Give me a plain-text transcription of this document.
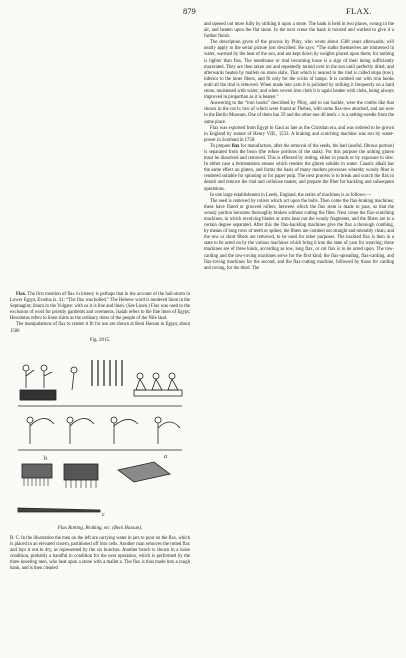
879	FLAX.

Flax. The first mention of flax in history is perhaps that in the account of the hail-storm in Lower Egypt, Exodus ix. 31: “The flax was bolled.” The Hebrew word is rendered linon in the Septuagint; linum in the Vulgate: with us it is line and linen. (See Linen.) Flax was used to the exclusion of wool for priestly garments and cerements. Isaiah refers to the fine linen of Egypt; Herodotus refers to linen shirts as the ordinary dress of the people of the Nile land.

The manipulations of flax to render it fit for use are shown at Beni Hassan in Egypt, about 1500

Fig. 2015.
b	a
c
Flax Rotting, Braking, etc. (Beni Hassan).

B. C. In the illustration the men on the left are carrying water in jars to pour on the flax, which is placed in an elevated cistern, partitioned off into cells. Another man removes the rotted flax and lays it out to dry, as represented by the six bunches. Another bench is shown in a loose condition, probably a handful in condition for the next operation, which is performed by the three kneeling men, who beat upon a stone with a mallet a. The flax is thus made into a rough hank, and is then cleaned

and opened out more fully by striking it upon a stone. The hank is held in two places, swung in the air, and beaten upon the flat stone. In the next scene the hank is twisted and worked to give it a further finish.

The description given of the process by Pliny, who wrote about 1500 years afterwards, will nearly apply to the serial picture just described. He says: “The stalks themselves are immersed in water, warmed by the heat of the sun, and are kept down by weights placed upon them; for nothing is lighter than flax. The membrane or rind becoming loose is a sign of their being sufficiently macerated. They are then taken out and repeatedly turned over in the sun until perfectly dried; and afterwards beaten by mallets on stone slabs. That which is nearest to the rind is called stupa (tow), inferior to the inner fibers, and fit only for the wicks of lamps. It is combed out with iron hooks until all the rind is removed. When made into yarn it is polished by striking it frequently on a hard stone, moistened with water; and when woven into cloth it is again beaten with clubs, being always improved in proportion as it is beaten.”

Answering to the “iron hooks” described by Pliny, and to our hackle, were the combs like that shown in the cut b; two of which were found at Thebes, with some flax-tow attached, and are now in the Berlin Museum. One of them has 59 and the other one 46 teeth. c is a netting-needle from the same place.

Flax was exported from Egypt to Gaul as late as the Christian era, and was ordered to be grown in England by statute of Henry VIII., 1533. A braking and scutching machine was run by water-power in Scotland in 1750.

To prepare flax for manufacture, after the removal of the seeds, the harl (useful, fibrous portion) is separated from the boon (the refuse portions of the stalk). For this purpose the uniting gluten must be dissolved and removed. This is effected by rotting, either in ponds or by exposure to dew. In either case a fermentation ensues which renders the gluten soluble in water. Caustic alkali has the same effect on gluten, and forms the basis of many modern processes whereby woody fiber is rendered suitable for spinning or for paper pulp. The next process is to break and scutch the flax to detach and remove the rind and cellulose matter, and prepare the fiber for hackling and subsequent operations.

In one large establishment in Leeds, England, the series of machines is as follows:—

The seed is removed by rollers which act upon the bolls. Then come the flax-braking machines; these have fluted or grooved rollers, between which the flax stem is made to pass, so that the woody portion becomes thoroughly broken without cutting the fiber. Next come the flax-scutching machines, in which revolving blades or arms beat out the woody fragments, and the fibers are to a certain degree separated. After this the flax-hackling machines give the flax a thorough combing, by means of long rows of teeth or spikes; the fibers are combed out straight and tolerably clean; and the tow or short fibers are removed, to be used for other purposes. The hackled flax is then in a state to be acted on by the various machines which bring it into the state of yarn for weaving; these machines are of three kinds, according as tow, long flax, or cut flax is to be acted upon. The tow-carding and the tow-roving machines serve for the first kind; the flax-spreading, flax-carding, and flax-roving machines for the second; and the flax-cutting machine, followed by those for carding and roving, for the third. The
